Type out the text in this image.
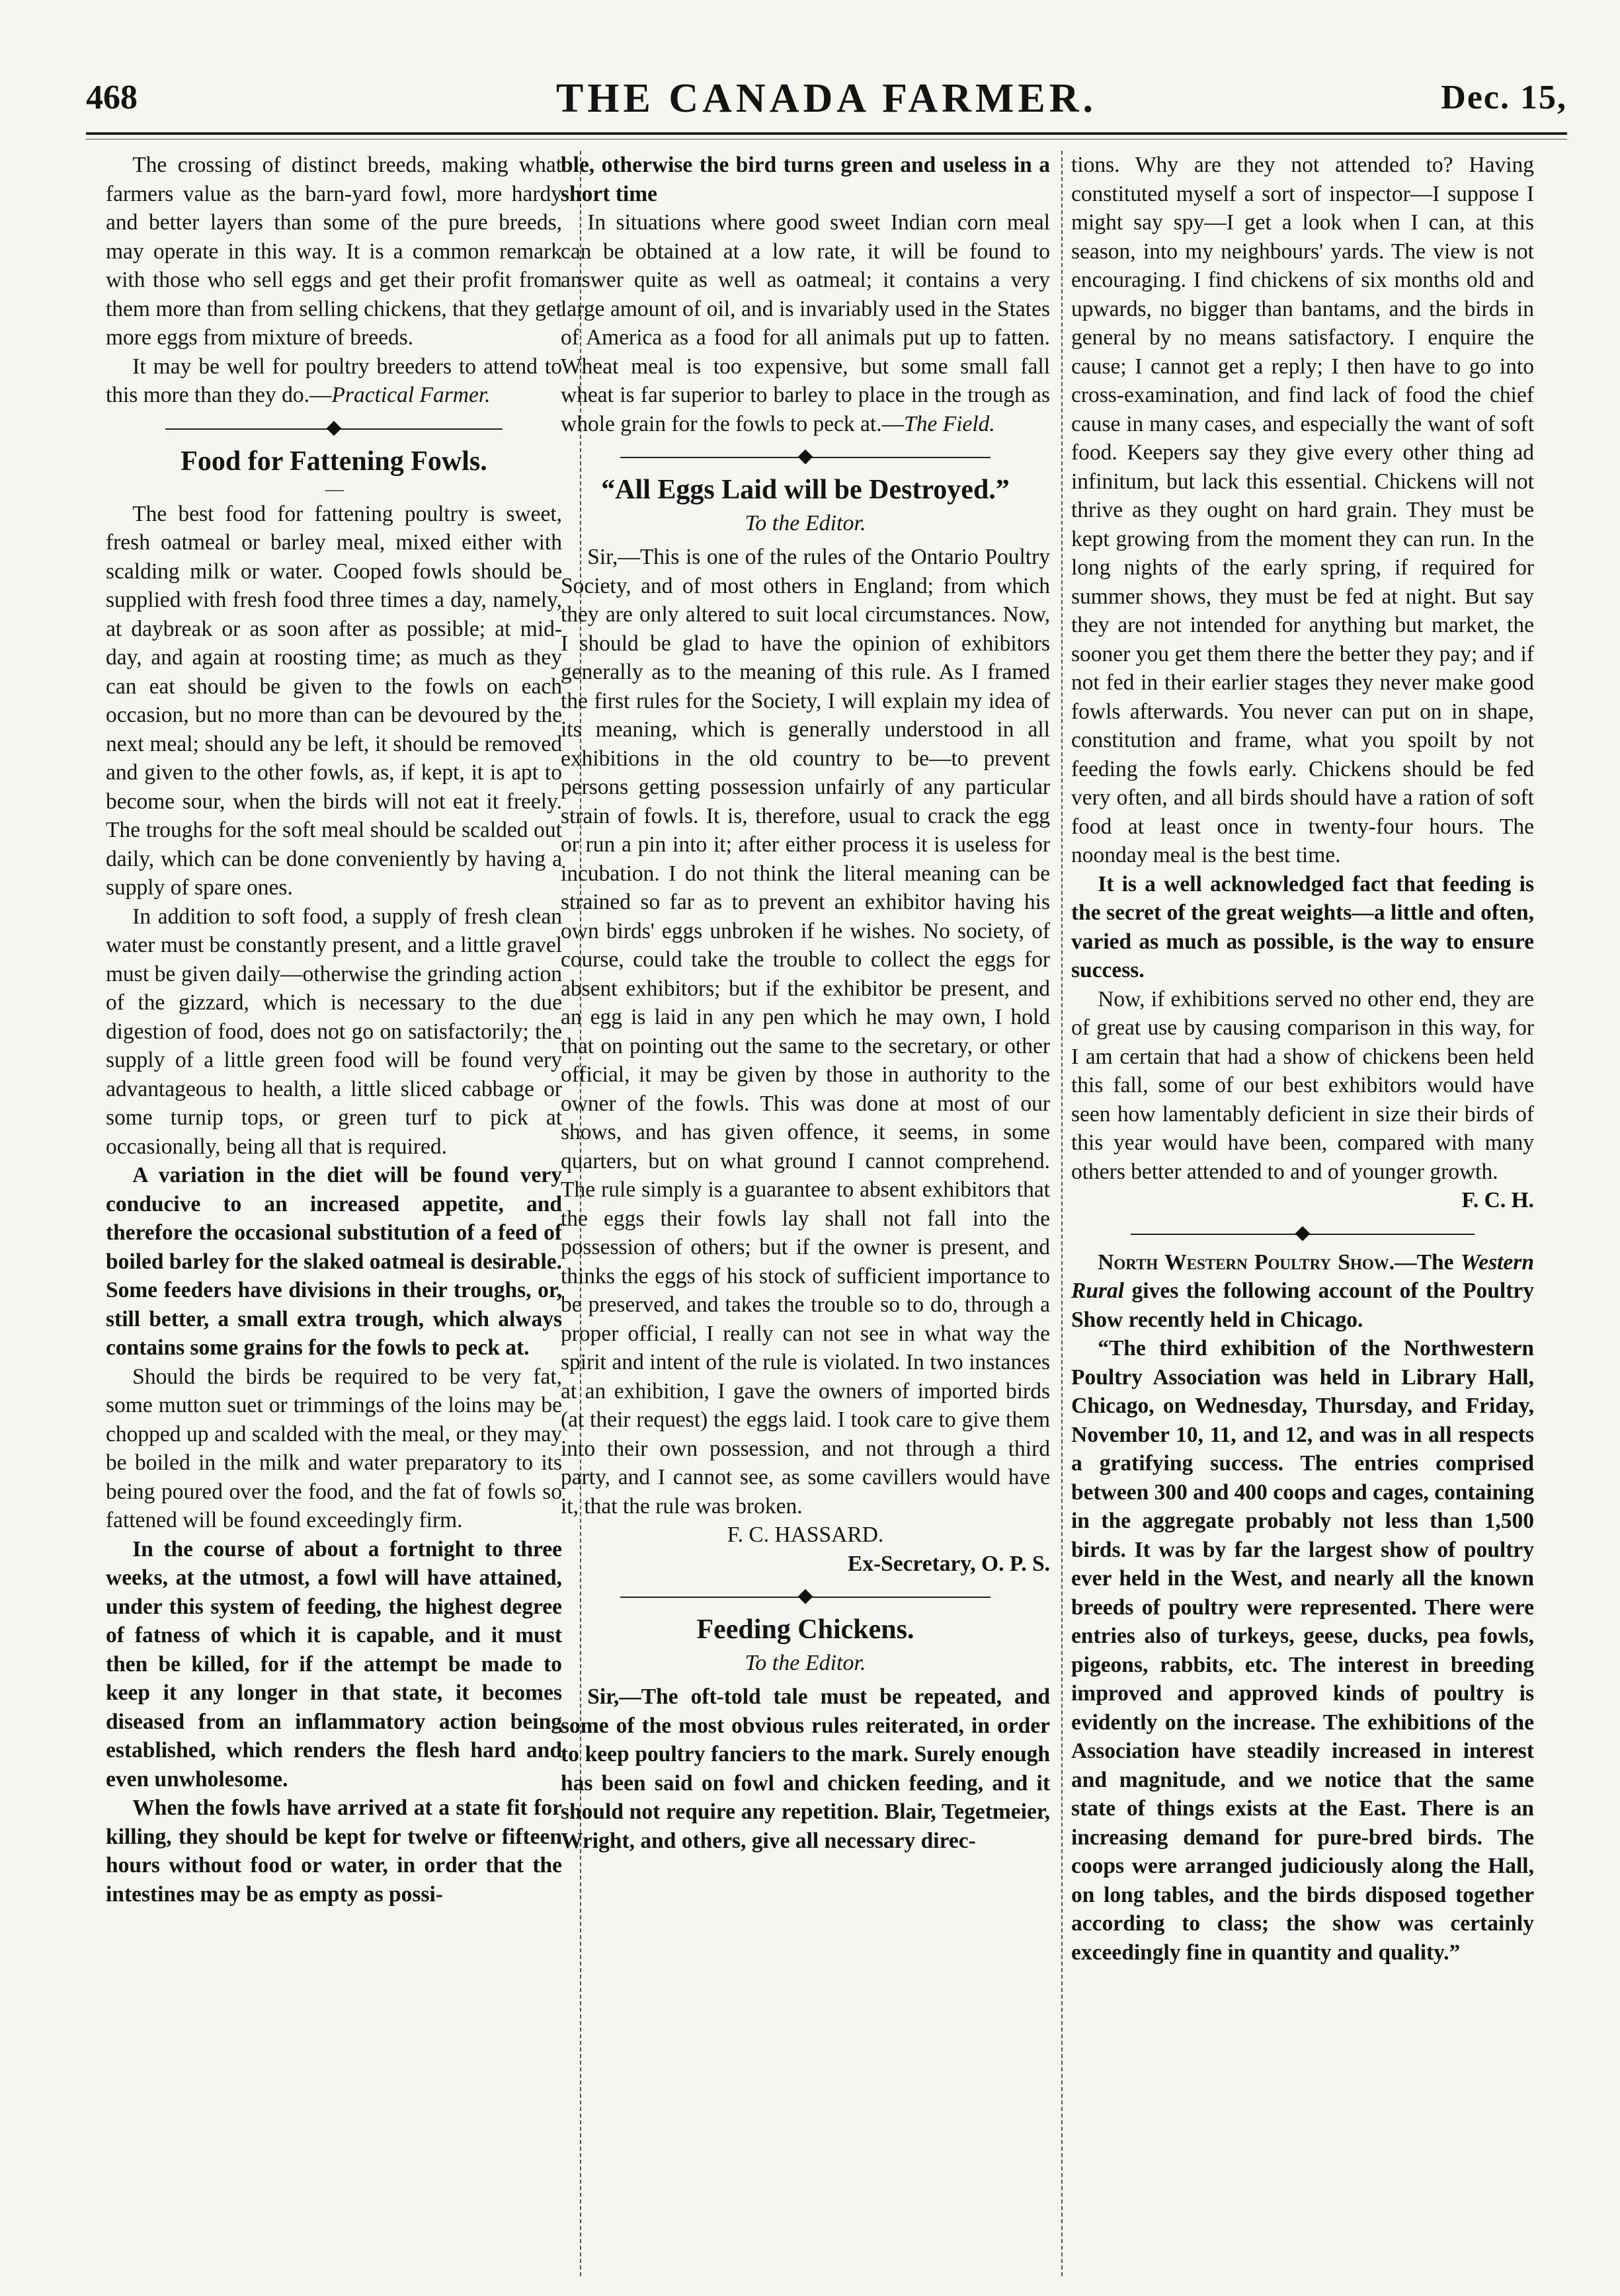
468	THE CANADA FARMER.	Dec. 15,

The crossing of distinct breeds, making what farmers value as the barn-yard fowl, more hardy and better layers than some of the pure breeds, may operate in this way. It is a common remark with those who sell eggs and get their profit from them more than from selling chickens, that they get more eggs from mixture of breeds.

It may be well for poultry breeders to attend to this more than they do.—Practical Farmer.

Food for Fattening Fowls.
—

The best food for fattening poultry is sweet, fresh oatmeal or barley meal, mixed either with scalding milk or water. Cooped fowls should be supplied with fresh food three times a day, namely, at daybreak or as soon after as possible; at mid-day, and again at roosting time; as much as they can eat should be given to the fowls on each occasion, but no more than can be devoured by the next meal; should any be left, it should be removed and given to the other fowls, as, if kept, it is apt to become sour, when the birds will not eat it freely. The troughs for the soft meal should be scalded out daily, which can be done conveniently by having a supply of spare ones.

In addition to soft food, a supply of fresh clean water must be constantly present, and a little gravel must be given daily—otherwise the grinding action of the gizzard, which is necessary to the due digestion of food, does not go on satisfactorily; the supply of a little green food will be found very advantageous to health, a little sliced cabbage or some turnip tops, or green turf to pick at occasionally, being all that is required.

A variation in the diet will be found very conducive to an increased appetite, and therefore the occasional substitution of a feed of boiled barley for the slaked oatmeal is desirable. Some feeders have divisions in their troughs, or, still better, a small extra trough, which always contains some grains for the fowls to peck at.

Should the birds be required to be very fat, some mutton suet or trimmings of the loins may be chopped up and scalded with the meal, or they may be boiled in the milk and water preparatory to its being poured over the food, and the fat of fowls so fattened will be found exceedingly firm.

In the course of about a fortnight to three weeks, at the utmost, a fowl will have attained, under this system of feeding, the highest degree of fatness of which it is capable, and it must then be killed, for if the attempt be made to keep it any longer in that state, it becomes diseased from an inflammatory action being established, which renders the flesh hard and even unwholesome.

When the fowls have arrived at a state fit for killing, they should be kept for twelve or fifteen hours without food or water, in order that the intestines may be as empty as possi-

ble, otherwise the bird turns green and useless in a short time

In situations where good sweet Indian corn meal can be obtained at a low rate, it will be found to answer quite as well as oatmeal; it contains a very large amount of oil, and is invariably used in the States of America as a food for all animals put up to fatten. Wheat meal is too expensive, but some small fall wheat is far superior to barley to place in the trough as whole grain for the fowls to peck at.—The Field.

“All Eggs Laid will be Destroyed.”
To the Editor.

Sir,—This is one of the rules of the Ontario Poultry Society, and of most others in England; from which they are only altered to suit local circumstances. Now, I should be glad to have the opinion of exhibitors generally as to the meaning of this rule. As I framed the first rules for the Society, I will explain my idea of its meaning, which is generally understood in all exhibitions in the old country to be—to prevent persons getting possession unfairly of any particular strain of fowls. It is, therefore, usual to crack the egg or run a pin into it; after either process it is useless for incubation. I do not think the literal meaning can be strained so far as to prevent an exhibitor having his own birds' eggs unbroken if he wishes. No society, of course, could take the trouble to collect the eggs for absent exhibitors; but if the exhibitor be present, and an egg is laid in any pen which he may own, I hold that on pointing out the same to the secretary, or other official, it may be given by those in authority to the owner of the fowls. This was done at most of our shows, and has given offence, it seems, in some quarters, but on what ground I cannot comprehend. The rule simply is a guarantee to absent exhibitors that the eggs their fowls lay shall not fall into the possession of others; but if the owner is present, and thinks the eggs of his stock of sufficient importance to be preserved, and takes the trouble so to do, through a proper official, I really can not see in what way the spirit and intent of the rule is violated. In two instances at an exhibition, I gave the owners of imported birds (at their request) the eggs laid. I took care to give them into their own possession, and not through a third party, and I cannot see, as some cavillers would have it, that the rule was broken.

F. C. HASSARD.

Ex-Secretary, O. P. S.

Feeding Chickens.
To the Editor.

Sir,—The oft-told tale must be repeated, and some of the most obvious rules reiterated, in order to keep poultry fanciers to the mark. Surely enough has been said on fowl and chicken feeding, and it should not require any repetition. Blair, Tegetmeier, Wright, and others, give all necessary direc-

tions. Why are they not attended to? Having constituted myself a sort of inspector—I suppose I might say spy—I get a look when I can, at this season, into my neighbours' yards. The view is not encouraging. I find chickens of six months old and upwards, no bigger than bantams, and the birds in general by no means satisfactory. I enquire the cause; I cannot get a reply; I then have to go into cross-examination, and find lack of food the chief cause in many cases, and especially the want of soft food. Keepers say they give every other thing ad infinitum, but lack this essential. Chickens will not thrive as they ought on hard grain. They must be kept growing from the moment they can run. In the long nights of the early spring, if required for summer shows, they must be fed at night. But say they are not intended for anything but market, the sooner you get them there the better they pay; and if not fed in their earlier stages they never make good fowls afterwards. You never can put on in shape, constitution and frame, what you spoilt by not feeding the fowls early. Chickens should be fed very often, and all birds should have a ration of soft food at least once in twenty-four hours. The noonday meal is the best time.

It is a well acknowledged fact that feeding is the secret of the great weights—a little and often, varied as much as possible, is the way to ensure success.

Now, if exhibitions served no other end, they are of great use by causing comparison in this way, for I am certain that had a show of chickens been held this fall, some of our best exhibitors would have seen how lamentably deficient in size their birds of this year would have been, compared with many others better attended to and of younger growth.

F. C. H.

North Western Poultry Show.—The Western Rural gives the following account of the Poultry Show recently held in Chicago.

“The third exhibition of the Northwestern Poultry Association was held in Library Hall, Chicago, on Wednesday, Thursday, and Friday, November 10, 11, and 12, and was in all respects a gratifying success. The entries comprised between 300 and 400 coops and cages, containing in the aggregate probably not less than 1,500 birds. It was by far the largest show of poultry ever held in the West, and nearly all the known breeds of poultry were represented. There were entries also of turkeys, geese, ducks, pea fowls, pigeons, rabbits, etc. The interest in breeding improved and approved kinds of poultry is evidently on the increase. The exhibitions of the Association have steadily increased in interest and magnitude, and we notice that the same state of things exists at the East. There is an increasing demand for pure-bred birds. The coops were arranged judiciously along the Hall, on long tables, and the birds disposed together according to class; the show was certainly exceedingly fine in quantity and quality.”
